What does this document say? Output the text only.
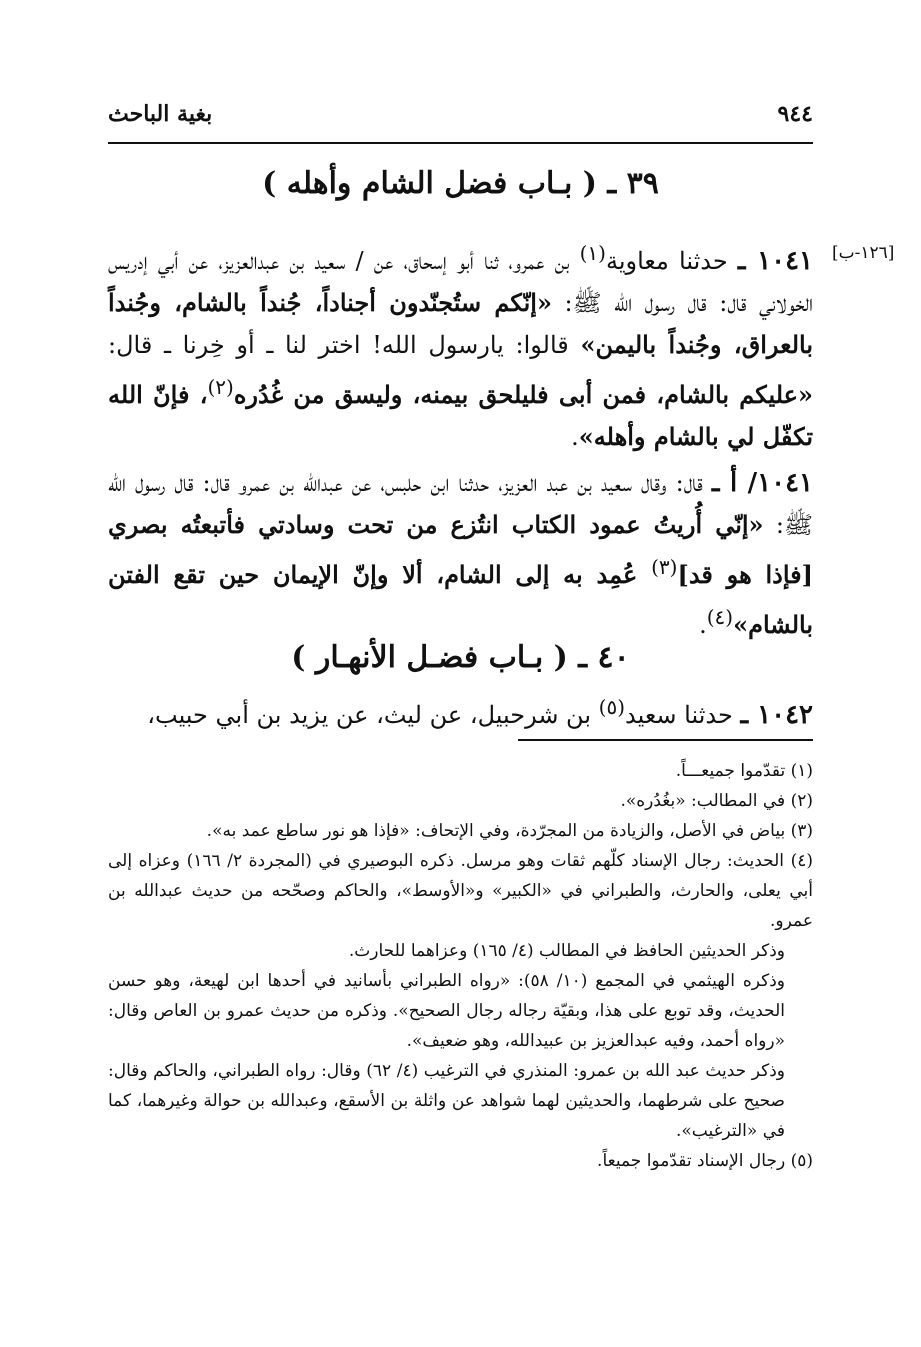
٩٤٤
بغية الباحث
[١٢٦-ب]
٣٩ ـ ( بـاب فضل الشام وأهله )
١٠٤١ ـ حدثنا معاوية$^{(١)}$ بن عمرو، ثنا أبو إسحاق، عن / سعيد بن عبدالعزيز، عن أبي إدريس الخولاني قال: قال رسول الله ﷺ: «إنّكم ستُجنّدون أجناداً، جُنداً بالشام، وجُنداً بالعراق، وجُنداً باليمن» قالوا: يارسول الله! اختر لنا ـ أو خِرنا ـ قال: «عليكم بالشام، فمن أبى فليلحق بيمنه، وليسق من غُدُره$^{(٢)}$، فإنّ الله تكفّل لي بالشام وأهله».
١٠٤١/ أ ـ قال: وقال سعيد بن عبد العزيز، حدثنا ابن حلبس، عن عبدالله بن عمرو قال: قال رسول الله ﷺ: «إنّي أُريتُ عمود الكتاب انتُزع من تحت وسادتي فأتبعتُه بصري [فإذا هو قد]$^{(٣)}$ عُمِد به إلى الشام، ألا وإنّ الإيمان حين تقع الفتن بالشام»$^{(٤)}$.
٤٠ ـ ( بـاب فضـل الأنهـار )
١٠٤٢ ـ حدثنا سعيد$^{(٥)}$ بن شرحبيل، عن ليث، عن يزيد بن أبي حبيب،

(١) تقدّموا جميعـــاً.

(٢) في المطالب: «بغُدُره».

(٣) بياض في الأصل، والزيادة من المجرّدة، وفي الإتحاف: «فإذا هو نور ساطع عمد به».

(٤) الحديث: رجال الإسناد كلّهم ثقات وهو مرسل. ذكره البوصيري في (المجردة ٢/ ١٦٦) وعزاه إلى أبي يعلى، والحارث، والطبراني في «الكبير» و«الأوسط»، والحاكم وصحّحه من حديث عبدالله بن عمرو.

وذكر الحديثين الحافظ في المطالب (٤/ ١٦٥) وعزاهما للحارث.

وذكره الهيثمي في المجمع (١٠/ ٥٨): «رواه الطبراني بأسانيد في أحدها ابن لهيعة، وهو حسن الحديث، وقد توبع على هذا، وبقيّة رجاله رجال الصحيح». وذكره من حديث عمرو بن العاص وقال: «رواه أحمد، وفيه عبدالعزيز بن عبيدالله، وهو ضعيف».

وذكر حديث عبد الله بن عمرو: المنذري في الترغيب (٤/ ٦٢) وقال: رواه الطبراني، والحاكم وقال: صحيح على شرطهما، والحديثين لهما شواهد عن واثلة بن الأسقع، وعبدالله بن حوالة وغيرهما، كما في «الترغيب».

(٥) رجال الإسناد تقدّموا جميعاً.
